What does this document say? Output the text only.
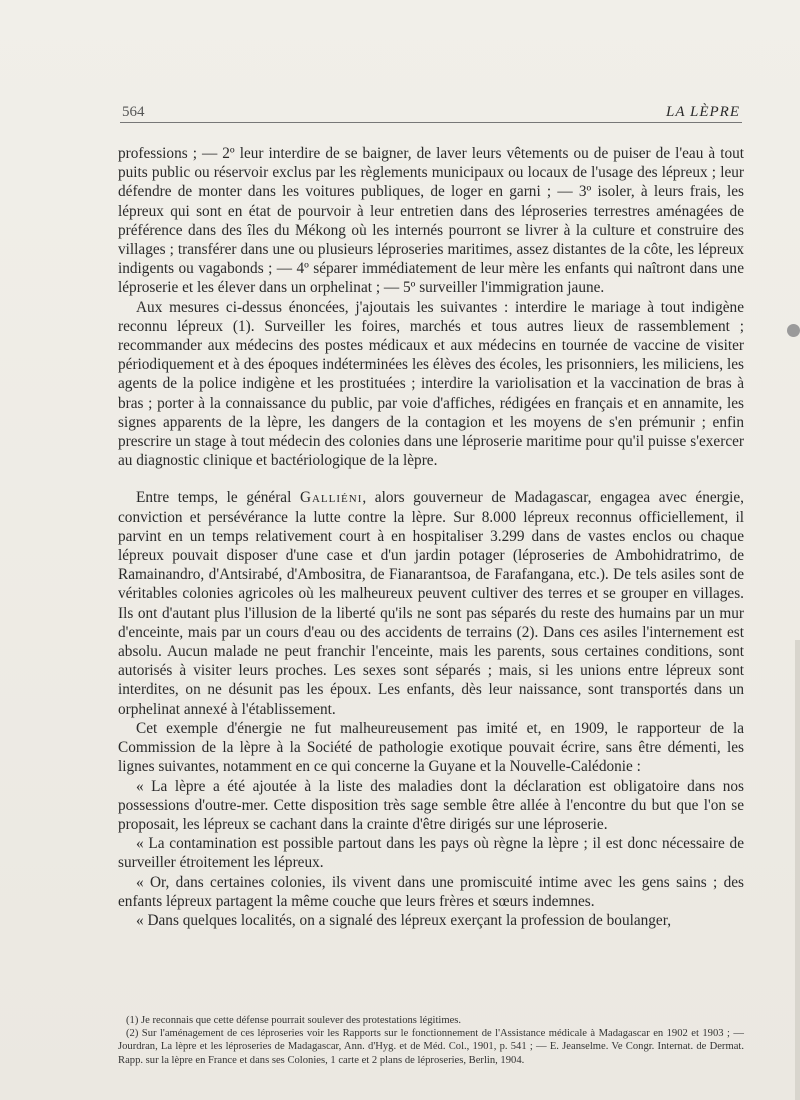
564	LA LÈPRE

professions ; — 2º leur interdire de se baigner, de laver leurs vêtements ou de puiser de l'eau à tout puits public ou réservoir exclus par les règlements municipaux ou locaux de l'usage des lépreux ; leur défendre de monter dans les voitures publiques, de loger en garni ; — 3º isoler, à leurs frais, les lépreux qui sont en état de pourvoir à leur entretien dans des léproseries terrestres aménagées de préférence dans des îles du Mékong où les internés pourront se livrer à la culture et construire des villages ; transférer dans une ou plusieurs léproseries maritimes, assez distantes de la côte, les lépreux indigents ou vagabonds ; — 4º séparer immédiatement de leur mère les enfants qui naîtront dans une léproserie et les élever dans un orphelinat ; — 5º surveiller l'immigration jaune.

Aux mesures ci-dessus énoncées, j'ajoutais les suivantes : interdire le mariage à tout indigène reconnu lépreux (1). Surveiller les foires, marchés et tous autres lieux de rassemblement ; recommander aux médecins des postes médicaux et aux médecins en tournée de vaccine de visiter périodiquement et à des époques indéterminées les élèves des écoles, les prisonniers, les miliciens, les agents de la police indigène et les prostituées ; interdire la variolisation et la vaccination de bras à bras ; porter à la connaissance du public, par voie d'affiches, rédigées en français et en annamite, les signes apparents de la lèpre, les dangers de la contagion et les moyens de s'en prémunir ; enfin prescrire un stage à tout médecin des colonies dans une léproserie maritime pour qu'il puisse s'exercer au diagnostic clinique et bactériologique de la lèpre.

Entre temps, le général Galliéni, alors gouverneur de Madagascar, engagea avec énergie, conviction et persévérance la lutte contre la lèpre. Sur 8.000 lépreux reconnus officiellement, il parvint en un temps relativement court à en hospitaliser 3.299 dans de vastes enclos ou chaque lépreux pouvait disposer d'une case et d'un jardin potager (léproseries de Ambohidratrimo, de Ramainandro, d'Antsirabé, d'Ambositra, de Fianarantsoa, de Farafangana, etc.). De tels asiles sont de véritables colonies agricoles où les malheureux peuvent cultiver des terres et se grouper en villages. Ils ont d'autant plus l'illusion de la liberté qu'ils ne sont pas séparés du reste des humains par un mur d'enceinte, mais par un cours d'eau ou des accidents de terrains (2). Dans ces asiles l'internement est absolu. Aucun malade ne peut franchir l'enceinte, mais les parents, sous certaines conditions, sont autorisés à visiter leurs proches. Les sexes sont séparés ; mais, si les unions entre lépreux sont interdites, on ne désunit pas les époux. Les enfants, dès leur naissance, sont transportés dans un orphelinat annexé à l'établissement.

Cet exemple d'énergie ne fut malheureusement pas imité et, en 1909, le rapporteur de la Commission de la lèpre à la Société de pathologie exotique pouvait écrire, sans être démenti, les lignes suivantes, notamment en ce qui concerne la Guyane et la Nouvelle-Calédonie :

« La lèpre a été ajoutée à la liste des maladies dont la déclaration est obligatoire dans nos possessions d'outre-mer. Cette disposition très sage semble être allée à l'encontre du but que l'on se proposait, les lépreux se cachant dans la crainte d'être dirigés sur une léproserie.

« La contamination est possible partout dans les pays où règne la lèpre ; il est donc nécessaire de surveiller étroitement les lépreux.

« Or, dans certaines colonies, ils vivent dans une promiscuité intime avec les gens sains ; des enfants lépreux partagent la même couche que leurs frères et sœurs indemnes.

« Dans quelques localités, on a signalé des lépreux exerçant la profession de boulanger,

(1) Je reconnais que cette défense pourrait soulever des protestations légitimes.

(2) Sur l'aménagement de ces léproseries voir les Rapports sur le fonctionnement de l'Assistance médicale à Madagascar en 1902 et 1903 ; — Jourdran, La lèpre et les léproseries de Madagascar, Ann. d'Hyg. et de Méd. Col., 1901, p. 541 ; — E. Jeanselme. Ve Congr. Internat. de Dermat. Rapp. sur la lèpre en France et dans ses Colonies, 1 carte et 2 plans de léproseries, Berlin, 1904.
